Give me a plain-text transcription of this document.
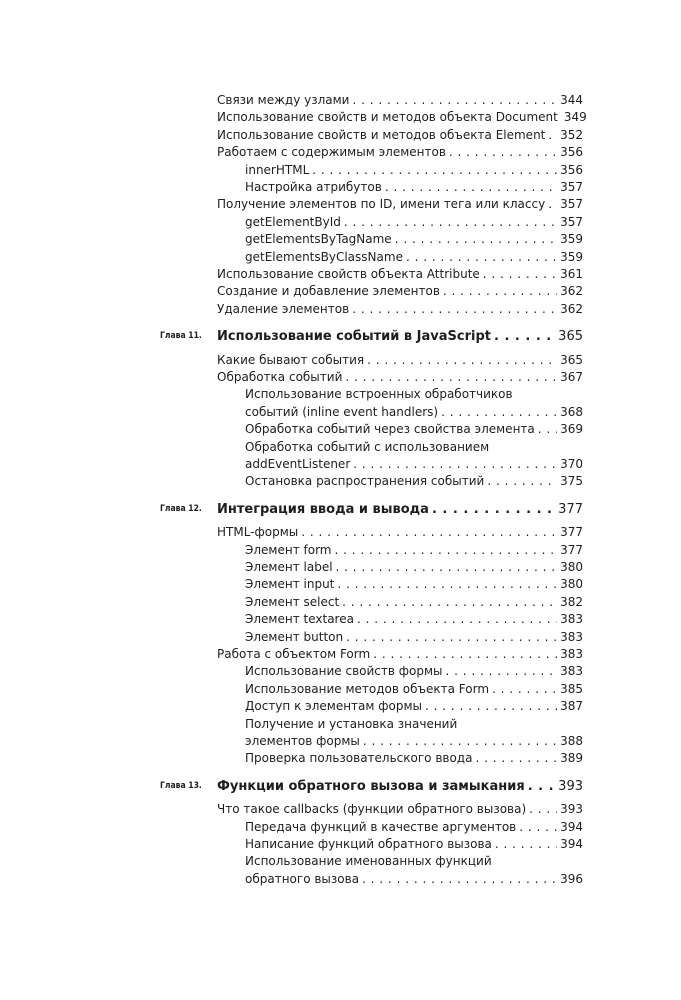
Связи между узлами . . .	344
Использование свойств и методов объекта Document 349
Использование свойств и методов объекта Element . . . 352
Работаем с содержимым элементов . . .	356
innerHTML . . .	356
Настройка атрибутов . . .	357
Получение элементов по ID, имени тега или классу . . . 357
getElementById . . .	357
getElementsByTagName . . .	359
getElementsByClassName . . .	359
Использование свойств объекта Attribute . . .	361
Создание и добавление элементов . . .	362
Удаление элементов . . .	362
Глава 11. Использование событий в JavaScript . . .	365
Какие бывают события . . .	365
Обработка событий . . .	367
Использование встроенных обработчиков
событий (inline event handlers) . . .	368
Обработка событий через свойства элемента . . . 369
Обработка событий с использованием
addEventListener . . .	370
Остановка распространения событий . . .	375
Глава 12. Интеграция ввода и вывода . . .	377
HTML-формы . . .	377
Элемент form . . .	377
Элемент label . . .	380
Элемент input . . .	380
Элемент select . . .	382
Элемент textarea . . .	383
Элемент button . . .	383
Работа с объектом Form . . .	383
Использование свойств формы . . .	383
Использование методов объекта Form . . .	385
Доступ к элементам формы . . .	387
Получение и установка значений
элементов формы . . .	388
Проверка пользовательского ввода . . .	389
Глава 13. Функции обратного вызова и замыкания . . .	393
Что такое callbacks (функции обратного вызова) . . .	393
Передача функций в качестве аргументов . . .	394
Написание функций обратного вызова . . .	394
Использование именованных функций
обратного вызова . . .	396
